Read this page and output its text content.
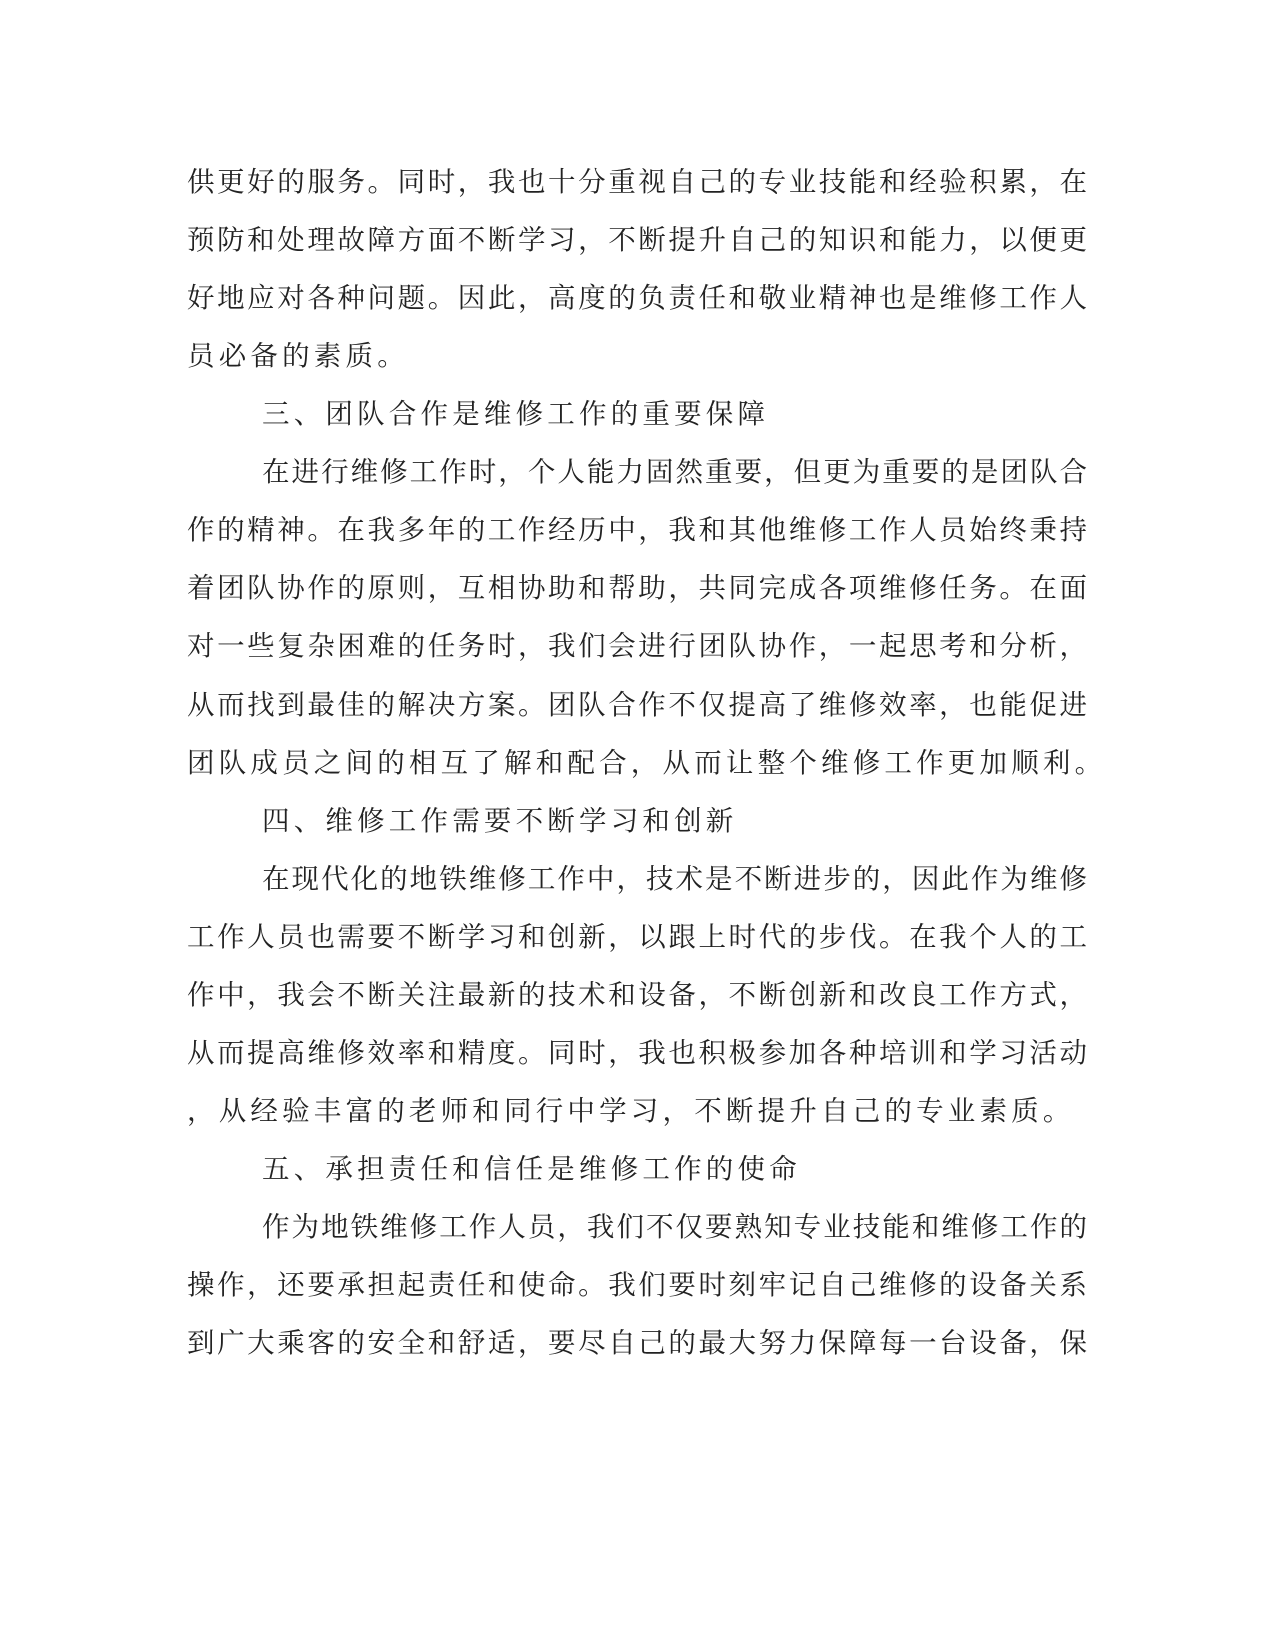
供更好的服务。同时，我也十分重视自己的专业技能和经验积累，在
预防和处理故障方面不断学习，不断提升自己的知识和能力，以便更
好地应对各种问题。因此，高度的负责任和敬业精神也是维修工作人
员必备的素质。
三、团队合作是维修工作的重要保障
在进行维修工作时，个人能力固然重要，但更为重要的是团队合
作的精神。在我多年的工作经历中，我和其他维修工作人员始终秉持
着团队协作的原则，互相协助和帮助，共同完成各项维修任务。在面
对一些复杂困难的任务时，我们会进行团队协作，一起思考和分析，
从而找到最佳的解决方案。团队合作不仅提高了维修效率，也能促进
团队成员之间的相互了解和配合，从而让整个维修工作更加顺利。
四、维修工作需要不断学习和创新
在现代化的地铁维修工作中，技术是不断进步的，因此作为维修
工作人员也需要不断学习和创新，以跟上时代的步伐。在我个人的工
作中，我会不断关注最新的技术和设备，不断创新和改良工作方式，
从而提高维修效率和精度。同时，我也积极参加各种培训和学习活动
，从经验丰富的老师和同行中学习，不断提升自己的专业素质。
五、承担责任和信任是维修工作的使命
作为地铁维修工作人员，我们不仅要熟知专业技能和维修工作的
操作，还要承担起责任和使命。我们要时刻牢记自己维修的设备关系
到广大乘客的安全和舒适，要尽自己的最大努力保障每一台设备，保
